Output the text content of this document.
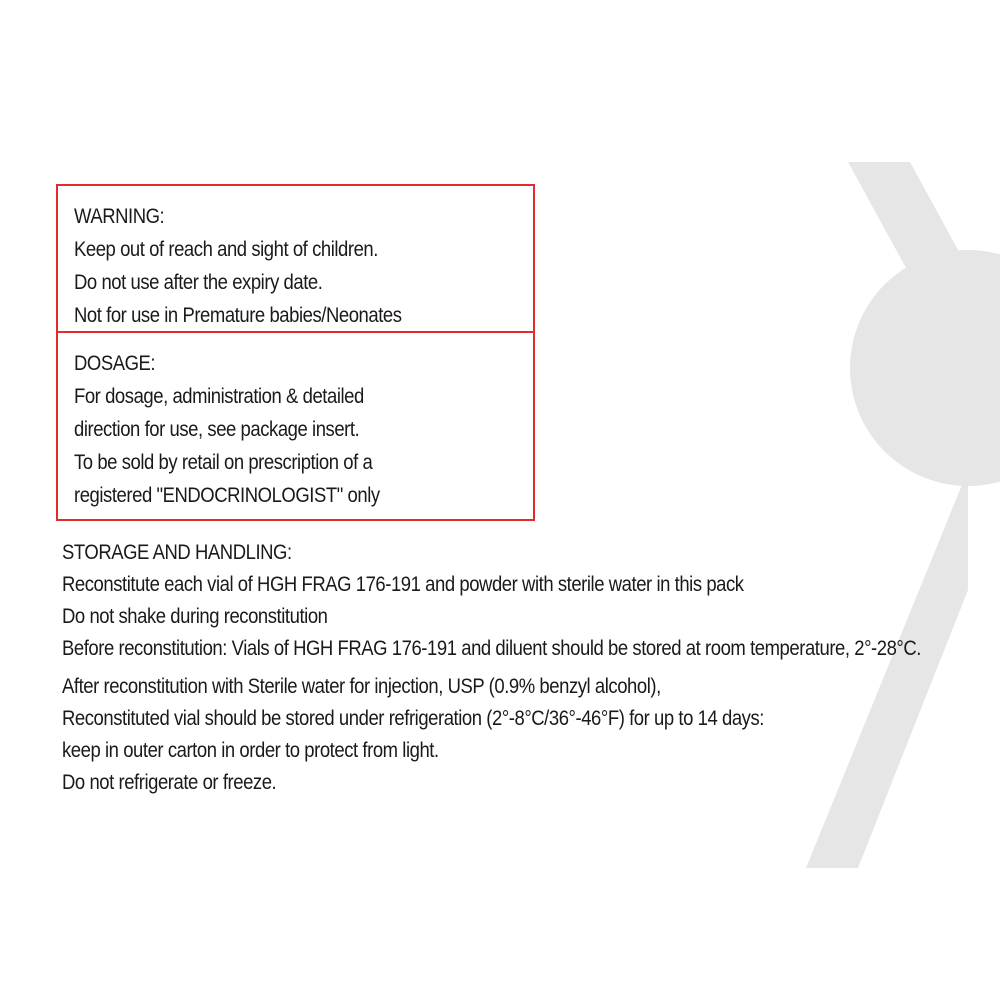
WARNING:
Keep out of reach and sight of children.
Do not use after the expiry date.
Not for use in Premature babies/Neonates
DOSAGE:
For dosage, administration & detailed
direction for use, see package insert.
To be sold by retail on prescription of a
registered "ENDOCRINOLOGIST" only
STORAGE AND HANDLING:
Reconstitute each vial of HGH FRAG 176-191 and powder with sterile water in this pack
Do not shake during reconstitution
Before reconstitution: Vials of HGH FRAG 176-191 and diluent should be stored at room temperature, 2°-28°C.
After reconstitution with Sterile water for injection, USP (0.9% benzyl alcohol),
Reconstituted vial should be stored under refrigeration (2°-8°C/36°-46°F) for up to 14 days:
keep in outer carton in order to protect from light.
Do not refrigerate or freeze.
